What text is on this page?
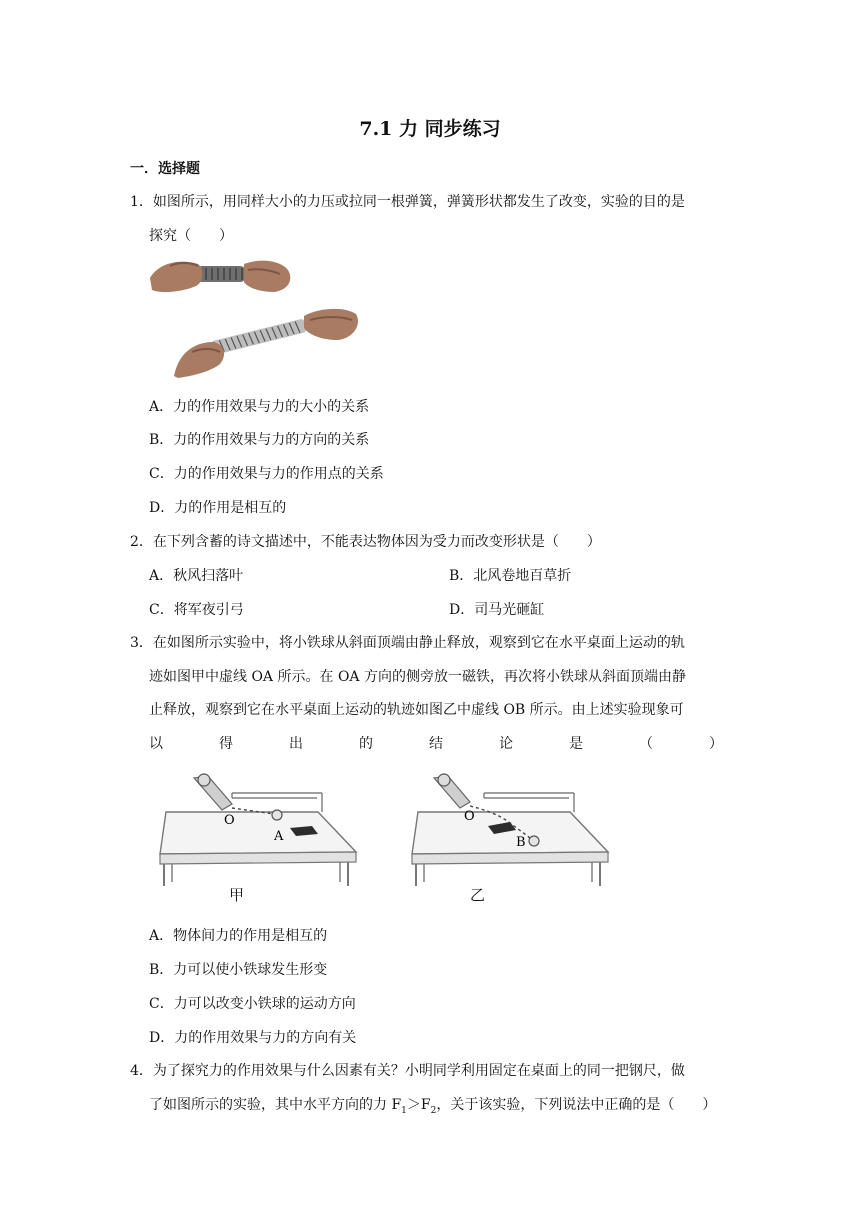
7.1 力 同步练习
一．选择题
1．如图所示，用同样大小的力压或拉同一根弹簧，弹簧形状都发生了改变，实验的目的是
探究（　　）
A．力的作用效果与力的大小的关系
B．力的作用效果与力的方向的关系
C．力的作用效果与力的作用点的关系
D．力的作用是相互的
2．在下列含蓄的诗文描述中，不能表达物体因为受力而改变形状是（　　）
A．秋风扫落叶	B．北风卷地百草折
C．将军夜引弓	D．司马光砸缸
3．在如图所示实验中，将小铁球从斜面顶端由静止释放，观察到它在水平桌面上运动的轨
迹如图甲中虚线 OA 所示。在 OA 方向的侧旁放一磁铁，再次将小铁球从斜面顶端由静
止释放，观察到它在水平桌面上运动的轨迹如图乙中虚线 OB 所示。由上述实验现象可
以	得	出	的	结	论	是	（	）
O
A
甲
O
B
乙
A．物体间力的作用是相互的
B．力可以使小铁球发生形变
C．力可以改变小铁球的运动方向
D．力的作用效果与力的方向有关
4．为了探究力的作用效果与什么因素有关？小明同学利用固定在桌面上的同一把钢尺，做
了如图所示的实验，其中水平方向的力 $F_1>F_2$，关于该实验，下列说法中正确的是（　　）
